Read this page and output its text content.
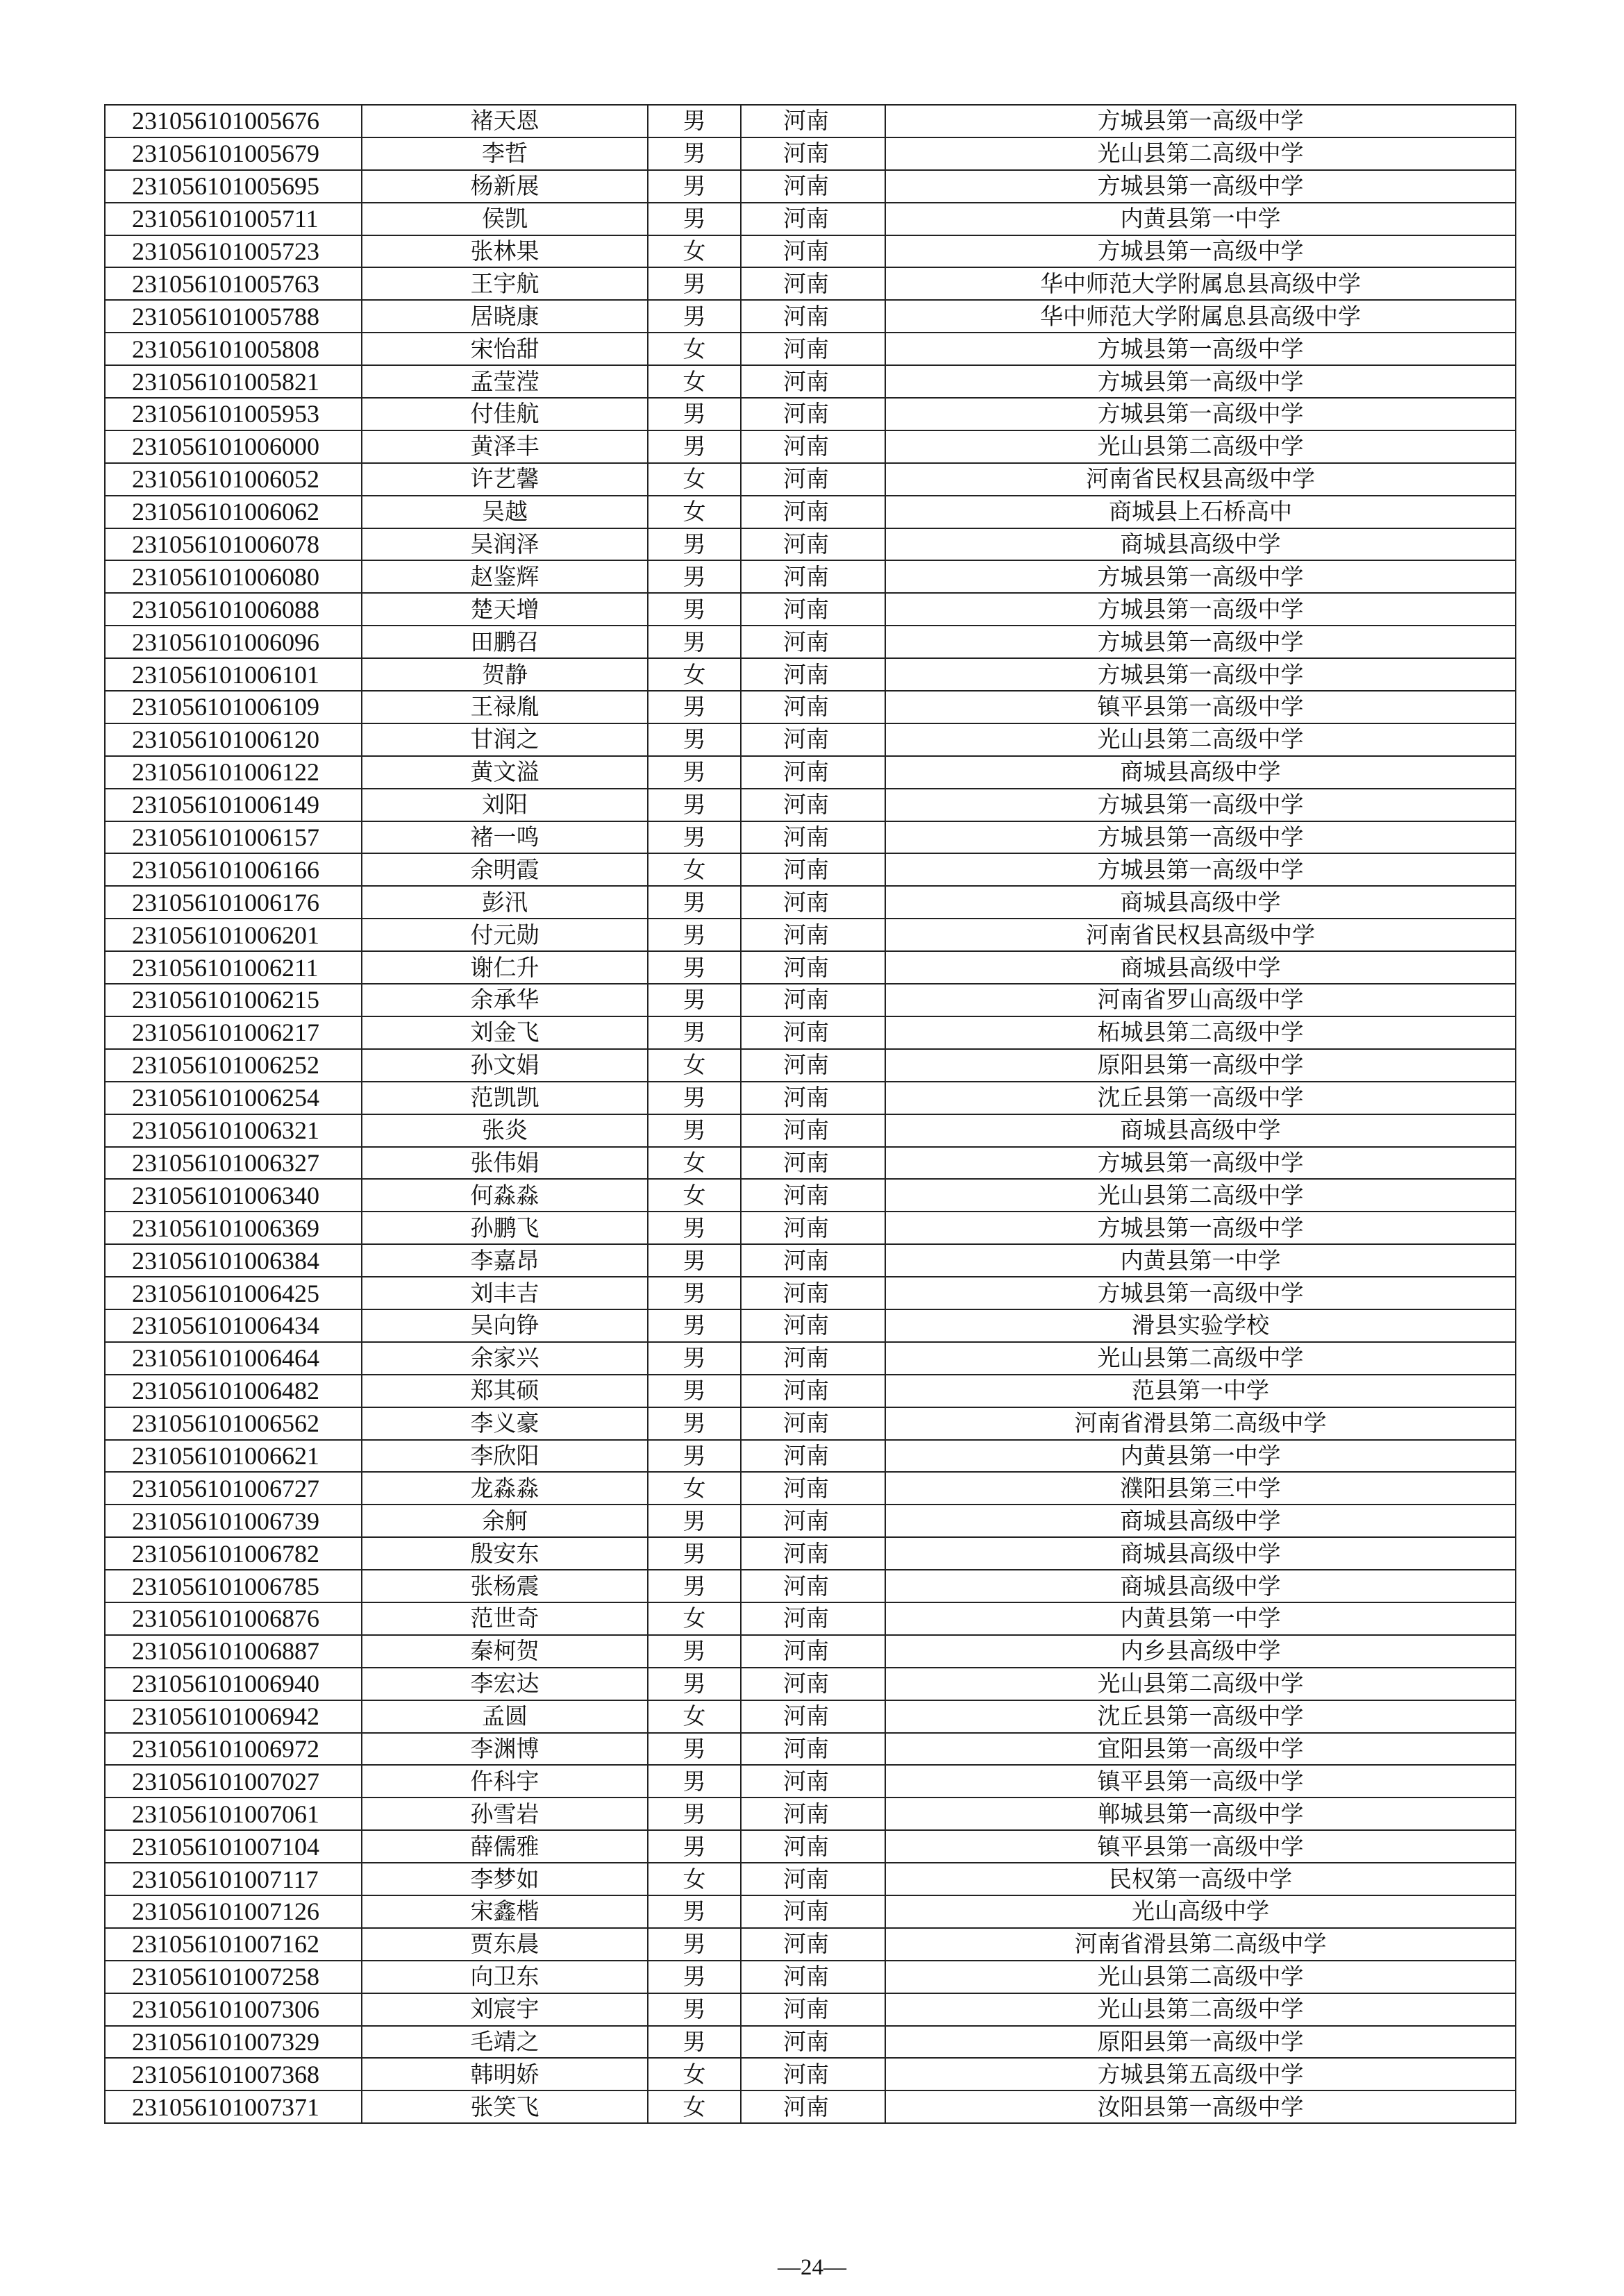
231056101005676	褚天恩	男	河南	方城县第一高级中学
231056101005679	李哲	男	河南	光山县第二高级中学
231056101005695	杨新展	男	河南	方城县第一高级中学
231056101005711	侯凯	男	河南	内黄县第一中学
231056101005723	张林果	女	河南	方城县第一高级中学
231056101005763	王宇航	男	河南	华中师范大学附属息县高级中学
231056101005788	居晓康	男	河南	华中师范大学附属息县高级中学
231056101005808	宋怡甜	女	河南	方城县第一高级中学
231056101005821	孟莹滢	女	河南	方城县第一高级中学
231056101005953	付佳航	男	河南	方城县第一高级中学
231056101006000	黄泽丰	男	河南	光山县第二高级中学
231056101006052	许艺馨	女	河南	河南省民权县高级中学
231056101006062	吴越	女	河南	商城县上石桥高中
231056101006078	吴润泽	男	河南	商城县高级中学
231056101006080	赵鉴辉	男	河南	方城县第一高级中学
231056101006088	楚天增	男	河南	方城县第一高级中学
231056101006096	田鹏召	男	河南	方城县第一高级中学
231056101006101	贺静	女	河南	方城县第一高级中学
231056101006109	王禄胤	男	河南	镇平县第一高级中学
231056101006120	甘润之	男	河南	光山县第二高级中学
231056101006122	黄文溢	男	河南	商城县高级中学
231056101006149	刘阳	男	河南	方城县第一高级中学
231056101006157	褚一鸣	男	河南	方城县第一高级中学
231056101006166	余明霞	女	河南	方城县第一高级中学
231056101006176	彭汛	男	河南	商城县高级中学
231056101006201	付元勋	男	河南	河南省民权县高级中学
231056101006211	谢仁升	男	河南	商城县高级中学
231056101006215	余承华	男	河南	河南省罗山高级中学
231056101006217	刘金飞	男	河南	柘城县第二高级中学
231056101006252	孙文娟	女	河南	原阳县第一高级中学
231056101006254	范凯凯	男	河南	沈丘县第一高级中学
231056101006321	张炎	男	河南	商城县高级中学
231056101006327	张伟娟	女	河南	方城县第一高级中学
231056101006340	何淼淼	女	河南	光山县第二高级中学
231056101006369	孙鹏飞	男	河南	方城县第一高级中学
231056101006384	李嘉昂	男	河南	内黄县第一中学
231056101006425	刘丰吉	男	河南	方城县第一高级中学
231056101006434	吴向铮	男	河南	滑县实验学校
231056101006464	余家兴	男	河南	光山县第二高级中学
231056101006482	郑其硕	男	河南	范县第一中学
231056101006562	李义豪	男	河南	河南省滑县第二高级中学
231056101006621	李欣阳	男	河南	内黄县第一中学
231056101006727	龙淼淼	女	河南	濮阳县第三中学
231056101006739	余舸	男	河南	商城县高级中学
231056101006782	殷安东	男	河南	商城县高级中学
231056101006785	张杨震	男	河南	商城县高级中学
231056101006876	范世奇	女	河南	内黄县第一中学
231056101006887	秦柯贺	男	河南	内乡县高级中学
231056101006940	李宏达	男	河南	光山县第二高级中学
231056101006942	孟圆	女	河南	沈丘县第一高级中学
231056101006972	李渊博	男	河南	宜阳县第一高级中学
231056101007027	仵科宇	男	河南	镇平县第一高级中学
231056101007061	孙雪岩	男	河南	郸城县第一高级中学
231056101007104	薛儒雅	男	河南	镇平县第一高级中学
231056101007117	李梦如	女	河南	民权第一高级中学
231056101007126	宋鑫楷	男	河南	光山高级中学
231056101007162	贾东晨	男	河南	河南省滑县第二高级中学
231056101007258	向卫东	男	河南	光山县第二高级中学
231056101007306	刘宸宇	男	河南	光山县第二高级中学
231056101007329	毛靖之	男	河南	原阳县第一高级中学
231056101007368	韩明娇	女	河南	方城县第五高级中学
231056101007371	张笑飞	女	河南	汝阳县第一高级中学
—24—
